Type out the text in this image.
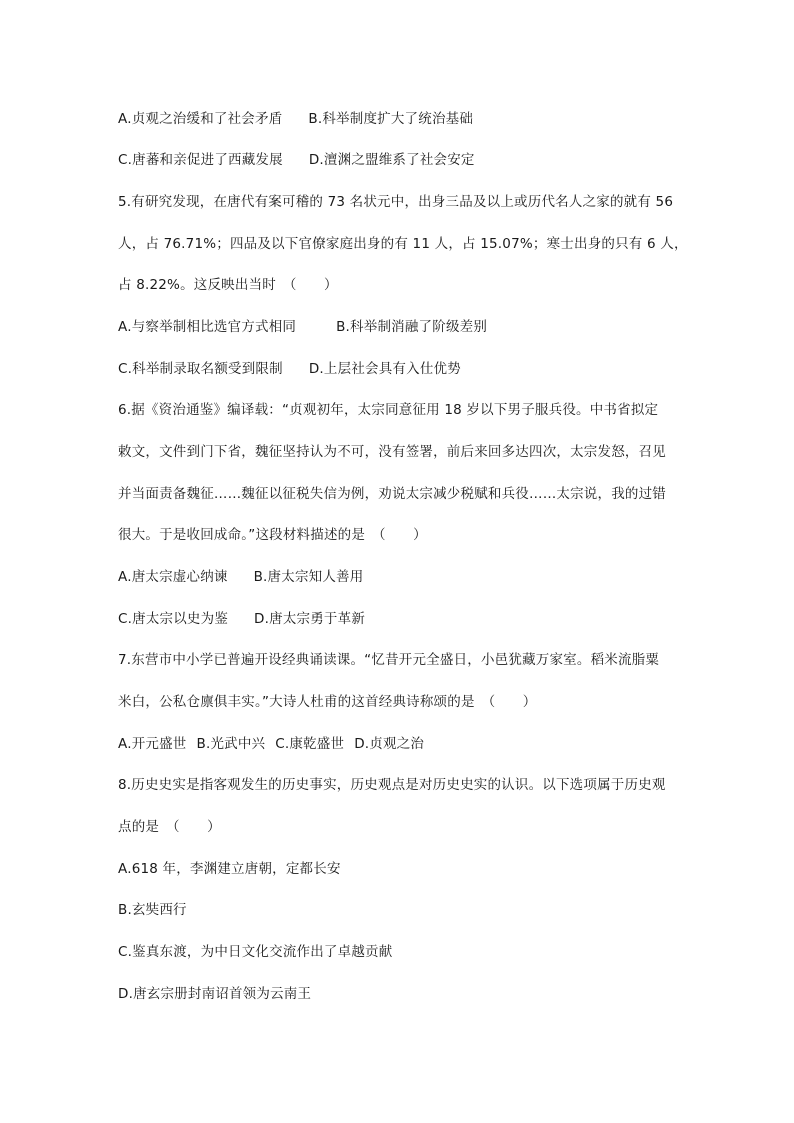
A.贞观之治缓和了社会矛盾 B.科举制度扩大了统治基础
C.唐蕃和亲促进了西藏发展 D.澶渊之盟维系了社会安定
5.有研究发现，在唐代有案可稽的 73 名状元中，出身三品及以上或历代名人之家的就有 56
人，占 76.71%；四品及以下官僚家庭出身的有 11 人，占 15.07%；寒士出身的只有 6 人，
占 8.22%。这反映出当时　（　　）
A.与察举制相比选官方式相同	B.科举制消融了阶级差别
C.科举制录取名额受到限制 D.上层社会具有入仕优势
6.据《资治通鉴》编译载：“贞观初年，太宗同意征用 18 岁以下男子服兵役。中书省拟定
敕文，文件到门下省，魏征坚持认为不可，没有签署，前后来回多达四次，太宗发怒，召见
并当面责备魏征……魏征以征税失信为例，劝说太宗减少税赋和兵役……太宗说，我的过错
很大。于是收回成命。”这段材料描述的是　（　　）
A.唐太宗虚心纳谏 B.唐太宗知人善用
C.唐太宗以史为鉴 D.唐太宗勇于革新
7.东营市中小学已普遍开设经典诵读课。“忆昔开元全盛日，小邑犹藏万家室。稻米流脂粟
米白，公私仓廪俱丰实。”大诗人杜甫的这首经典诗称颂的是　（　　）
A.开元盛世 B.光武中兴 C.康乾盛世 D.贞观之治
8.历史史实是指客观发生的历史事实，历史观点是对历史史实的认识。以下选项属于历史观
点的是　（　　）
A.618 年，李渊建立唐朝，定都长安
B.玄奘西行
C.鉴真东渡，为中日文化交流作出了卓越贡献
D.唐玄宗册封南诏首领为云南王
